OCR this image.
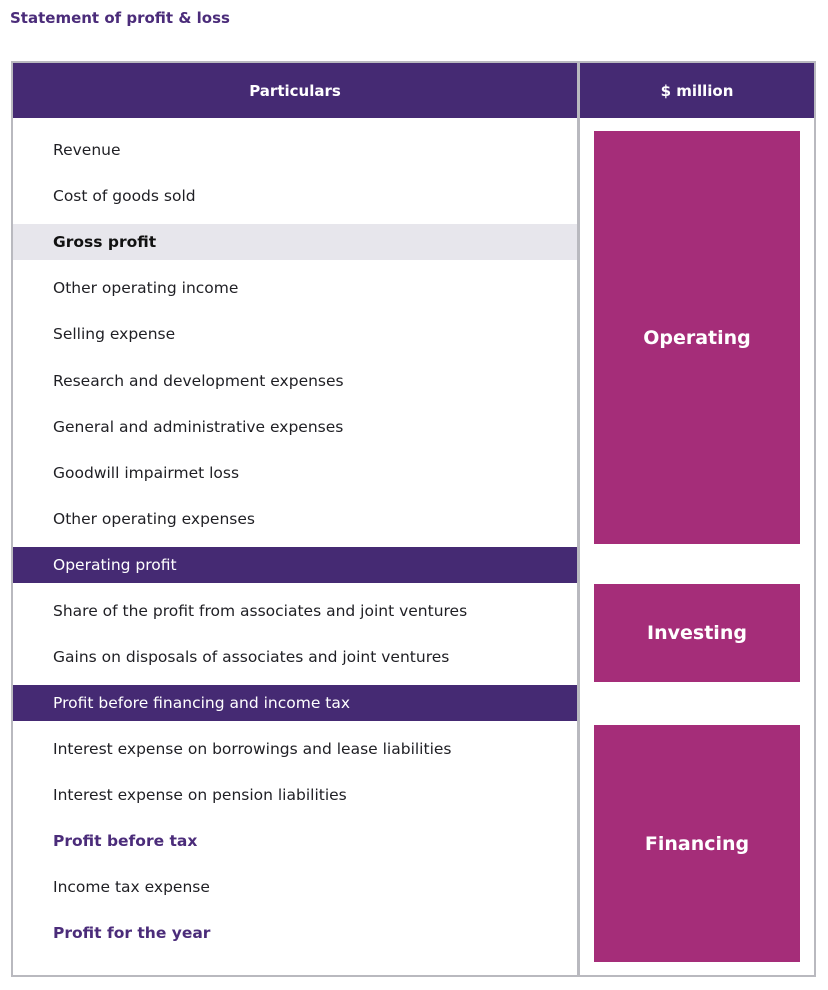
Statement of profit & loss
Particulars	$ million
Revenue
Cost of goods sold
Gross profit
Other operating income
Selling expense
Research and development expenses
General and administrative expenses
Goodwill impairmet loss
Other operating expenses
Operating profit
Share of the profit from associates and joint ventures
Gains on disposals of associates and joint ventures
Profit before financing and income tax
Interest expense on borrowings and lease liabilities
Interest expense on pension liabilities
Profit before tax
Income tax expense
Profit for the year
Operating
Investing
Financing
